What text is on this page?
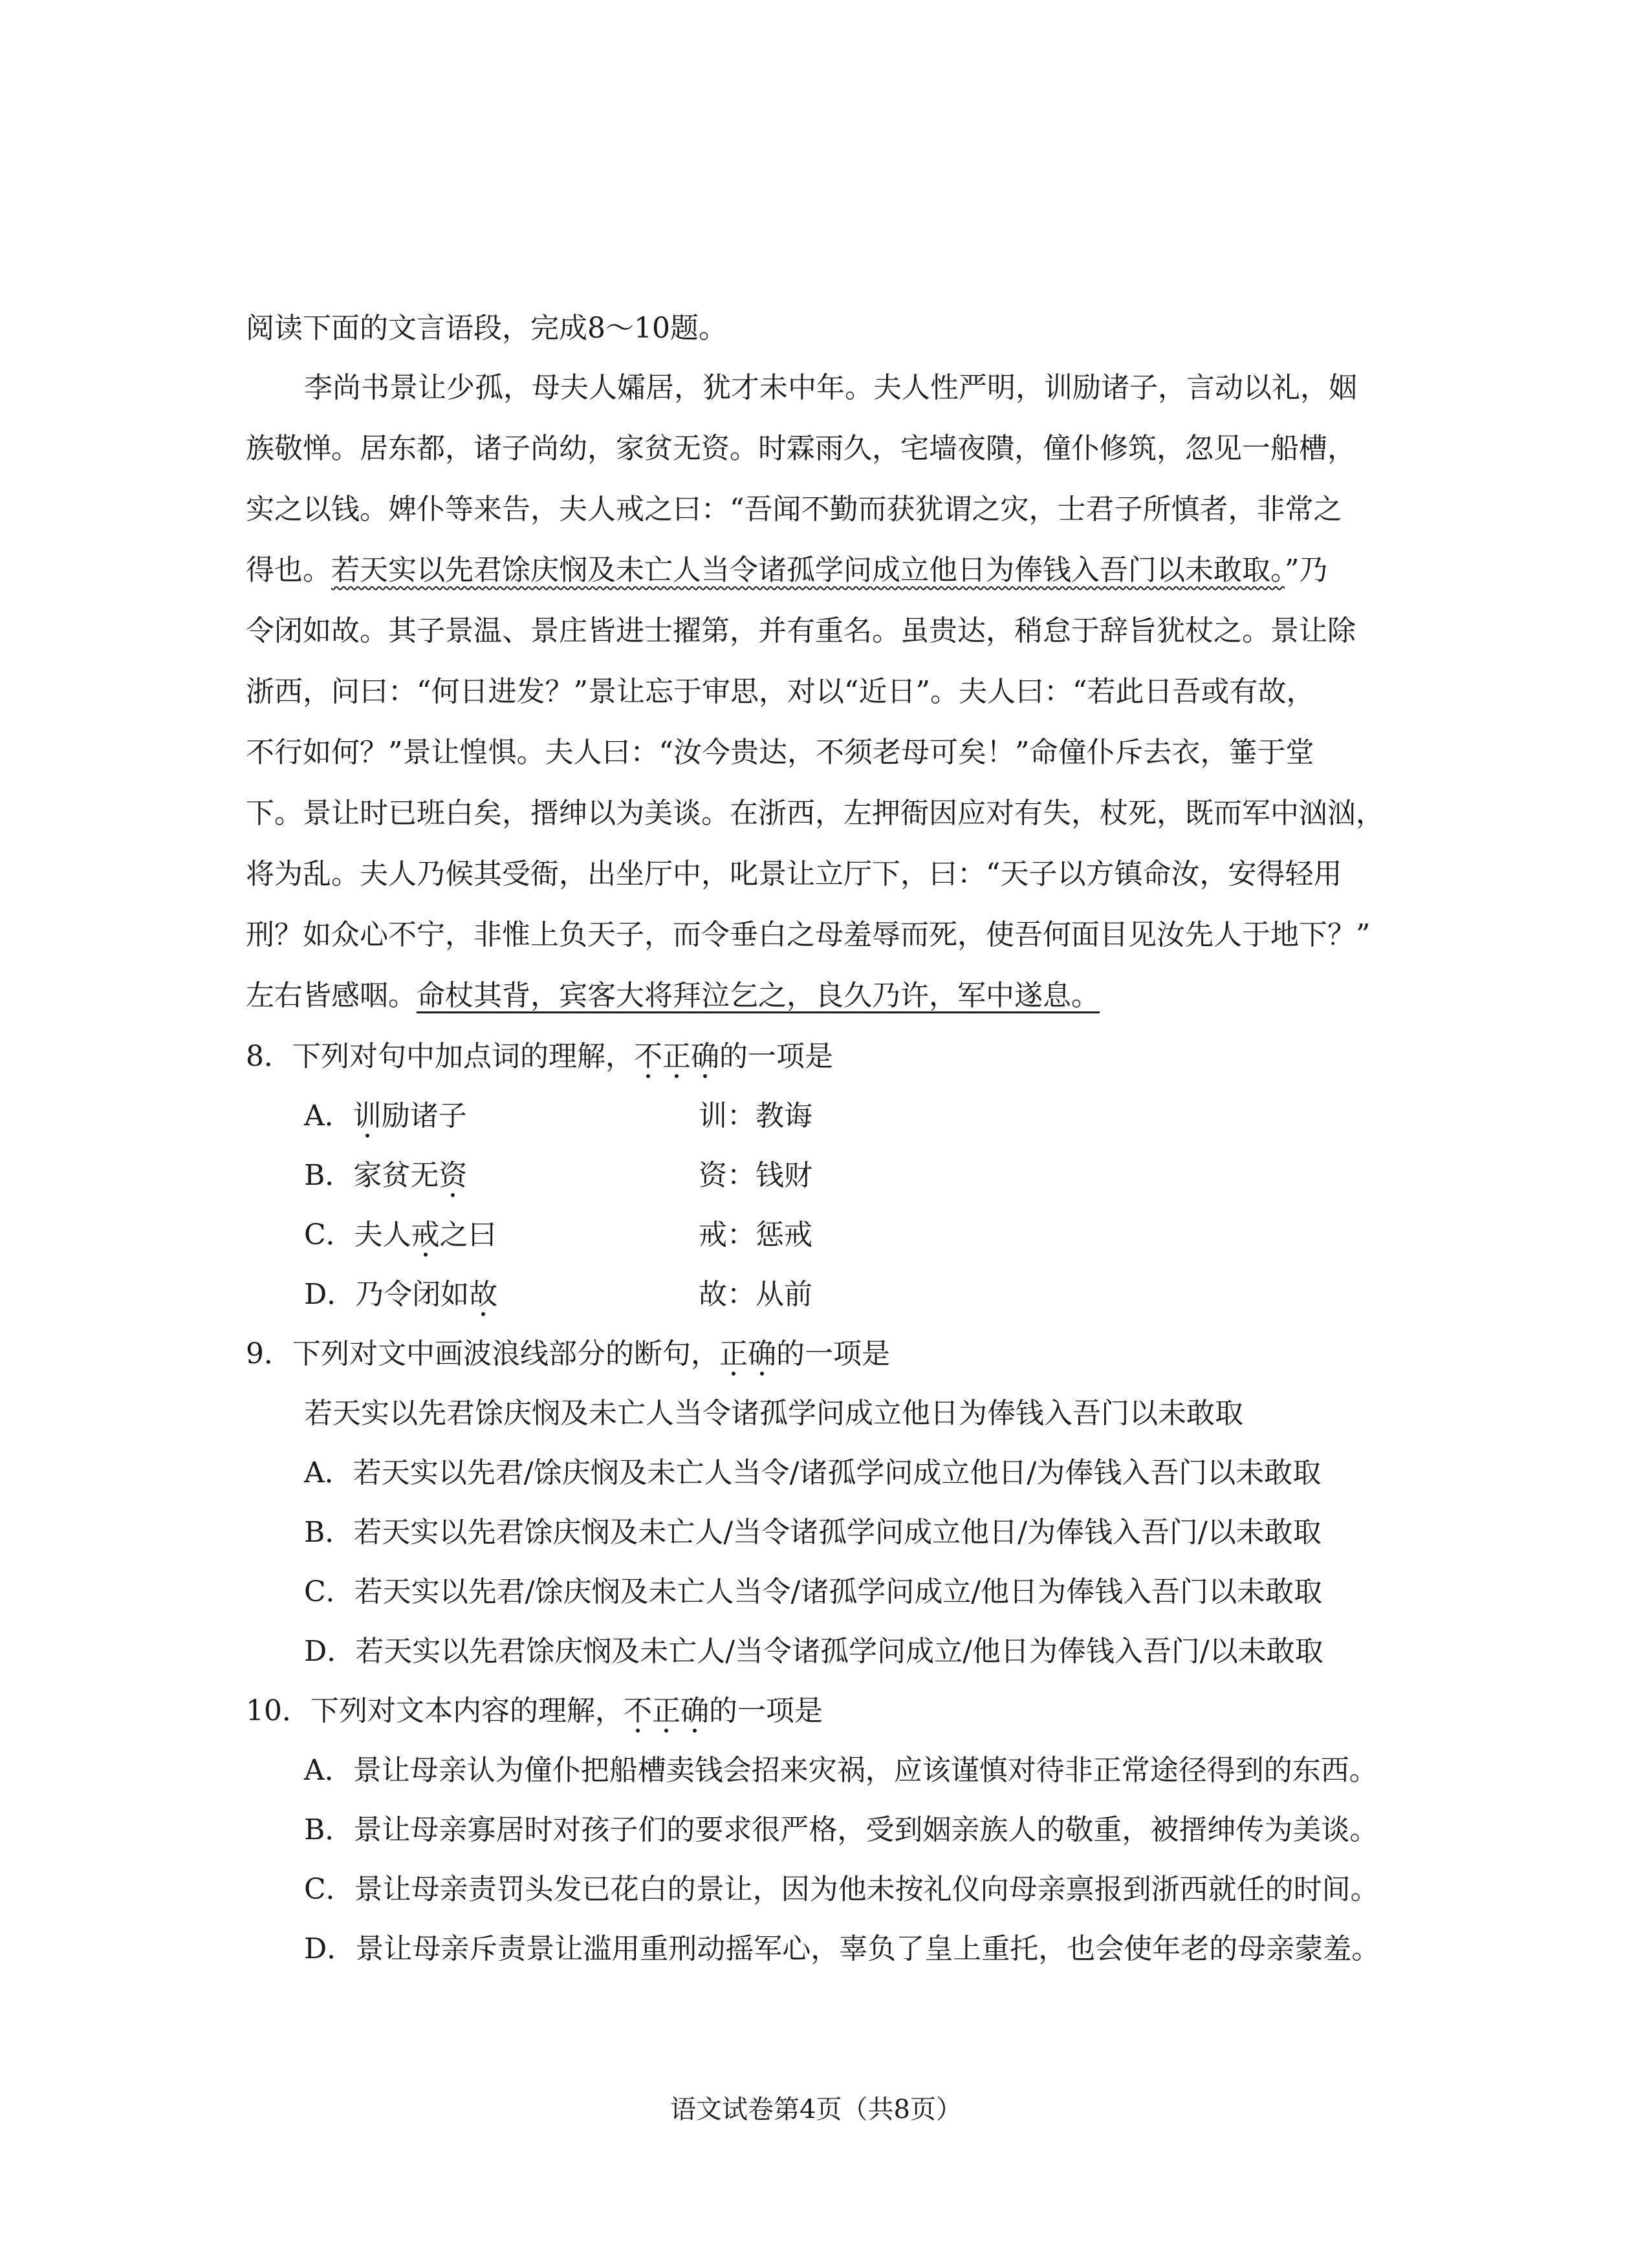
阅读下面的文言语段，完成8～10题。
李尚书景让少孤，母夫人孀居，犹才未中年。夫人性严明，训励诸子，言动以礼，姻
族敬惮。居东都，诸子尚幼，家贫无资。时霖雨久，宅墙夜隤，僮仆修筑，忽见一船槽，
实之以钱。婢仆等来告，夫人戒之曰：“吾闻不勤而获犹谓之灾，士君子所慎者，非常之
得也。若天实以先君馀庆悯及未亡人当令诸孤学问成立他日为俸钱入吾门以未敢取。”乃
令闭如故。其子景温、景庄皆进士擢第，并有重名。虽贵达，稍怠于辞旨犹杖之。景让除
浙西，问曰：“何日进发？”景让忘于审思，对以“近日”。夫人曰：“若此日吾或有故，
不行如何？”景让惶惧。夫人曰：“汝今贵达，不须老母可矣！”命僮仆斥去衣，箠于堂
下。景让时已班白矣，搢绅以为美谈。在浙西，左押衙因应对有失，杖死，既而军中汹汹，
将为乱。夫人乃候其受衙，出坐厅中，叱景让立厅下，曰：“天子以方镇命汝，安得轻用
刑？如众心不宁，非惟上负天子，而令垂白之母羞辱而死，使吾何面目见汝先人于地下？”
左右皆感咽。命杖其背，宾客大将拜泣乞之，良久乃许，军中遂息。
8．下列对句中加点词的理解，不正确的一项是
A．训励诸子	训：教诲
B．家贫无资	资：钱财
C．夫人戒之曰	戒：惩戒
D．乃令闭如故	故：从前
9．下列对文中画波浪线部分的断句，正确的一项是
若天实以先君馀庆悯及未亡人当令诸孤学问成立他日为俸钱入吾门以未敢取
A．若天实以先君/馀庆悯及未亡人当令/诸孤学问成立他日/为俸钱入吾门以未敢取
B．若天实以先君馀庆悯及未亡人/当令诸孤学问成立他日/为俸钱入吾门/以未敢取
C．若天实以先君/馀庆悯及未亡人当令/诸孤学问成立/他日为俸钱入吾门以未敢取
D．若天实以先君馀庆悯及未亡人/当令诸孤学问成立/他日为俸钱入吾门/以未敢取
10．下列对文本内容的理解，不正确的一项是
A．景让母亲认为僮仆把船槽卖钱会招来灾祸，应该谨慎对待非正常途径得到的东西。
B．景让母亲寡居时对孩子们的要求很严格，受到姻亲族人的敬重，被搢绅传为美谈。
C．景让母亲责罚头发已花白的景让，因为他未按礼仪向母亲禀报到浙西就任的时间。
D．景让母亲斥责景让滥用重刑动摇军心，辜负了皇上重托，也会使年老的母亲蒙羞。
语文试卷第4页（共8页）
